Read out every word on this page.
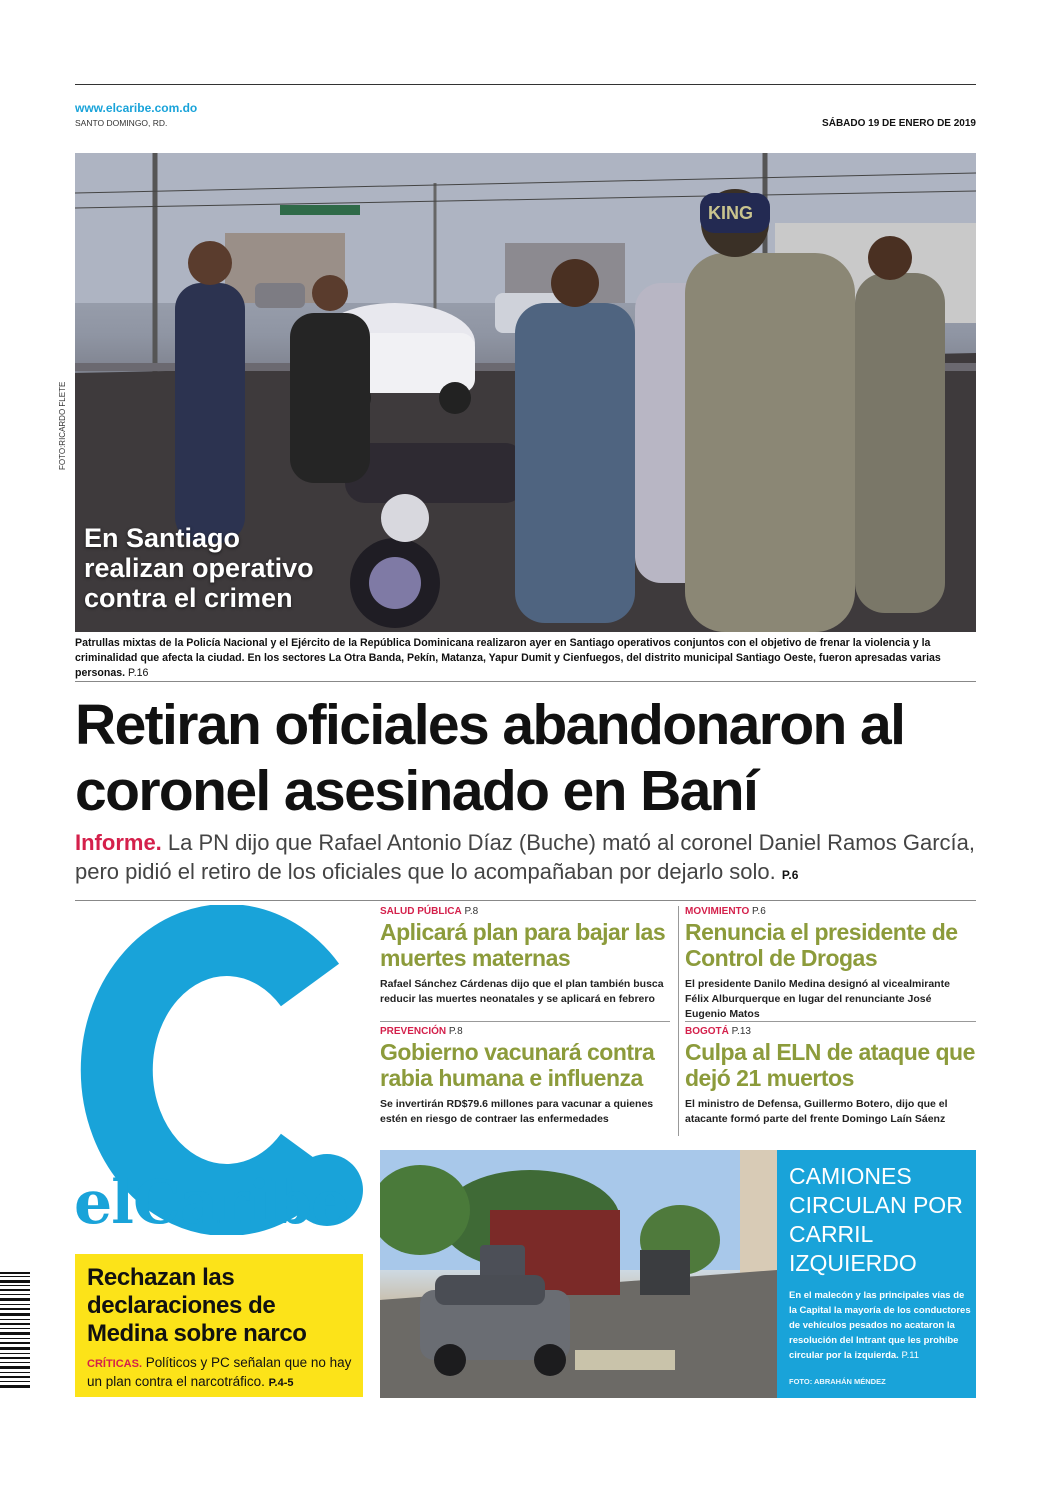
www.elcaribe.com.do
SANTO DOMINGO, RD.	SÁBADO 19 DE ENERO DE 2019
KING
En Santiago realizan operativo contra el crimen
FOTO:RICARDO FLETE
Patrullas mixtas de la Policía Nacional y el Ejército de la República Dominicana realizaron ayer en Santiago operativos conjuntos con el objetivo de frenar la violencia y la criminalidad que afecta la ciudad. En los sectores La Otra Banda, Pekín, Matanza, Yapur Dumit y Cienfuegos, del distrito municipal Santiago Oeste, fueron apresadas varias personas. P.16
Retiran oficiales abandonaron al coronel asesinado en Baní

Informe. La PN dijo que Rafael Antonio Díaz (Buche) mató al coronel Daniel Ramos García, pero pidió el retiro de los oficiales que lo acompañaban por dejarlo solo. P.6

elCaribe
SALUD PÚBLICA P.8
Aplicará plan para bajar las muertes maternas
Rafael Sánchez Cárdenas dijo que el plan también busca reducir las muertes neonatales y se aplicará en febrero
MOVIMIENTO P.6
Renuncia el presidente de Control de Drogas
El presidente Danilo Medina designó al vicealmirante Félix Alburquerque en lugar del renunciante José Eugenio Matos
PREVENCIÓN P.8
Gobierno vacunará contra rabia humana e influenza
Se invertirán RD$79.6 millones para vacunar a quienes estén en riesgo de contraer las enfermedades
BOGOTÁ P.13
Culpa al ELN de ataque que dejó 21 muertos
El ministro de Defensa, Guillermo Botero, dijo que el atacante formó parte del frente Domingo Laín Sáenz
Rechazan las declaraciones de Medina sobre narco
CRÍTICAS. Políticos y PC señalan que no hay un plan contra el narcotráfico. P.4-5
CAMIONES CIRCULAN POR CARRIL IZQUIERDO
En el malecón y las principales vías de la Capital la mayoría de los conductores de vehículos pesados no acataron la resolución del Intrant que les prohíbe circular por la izquierda. P.11
FOTO: ABRAHÁN MÉNDEZ
